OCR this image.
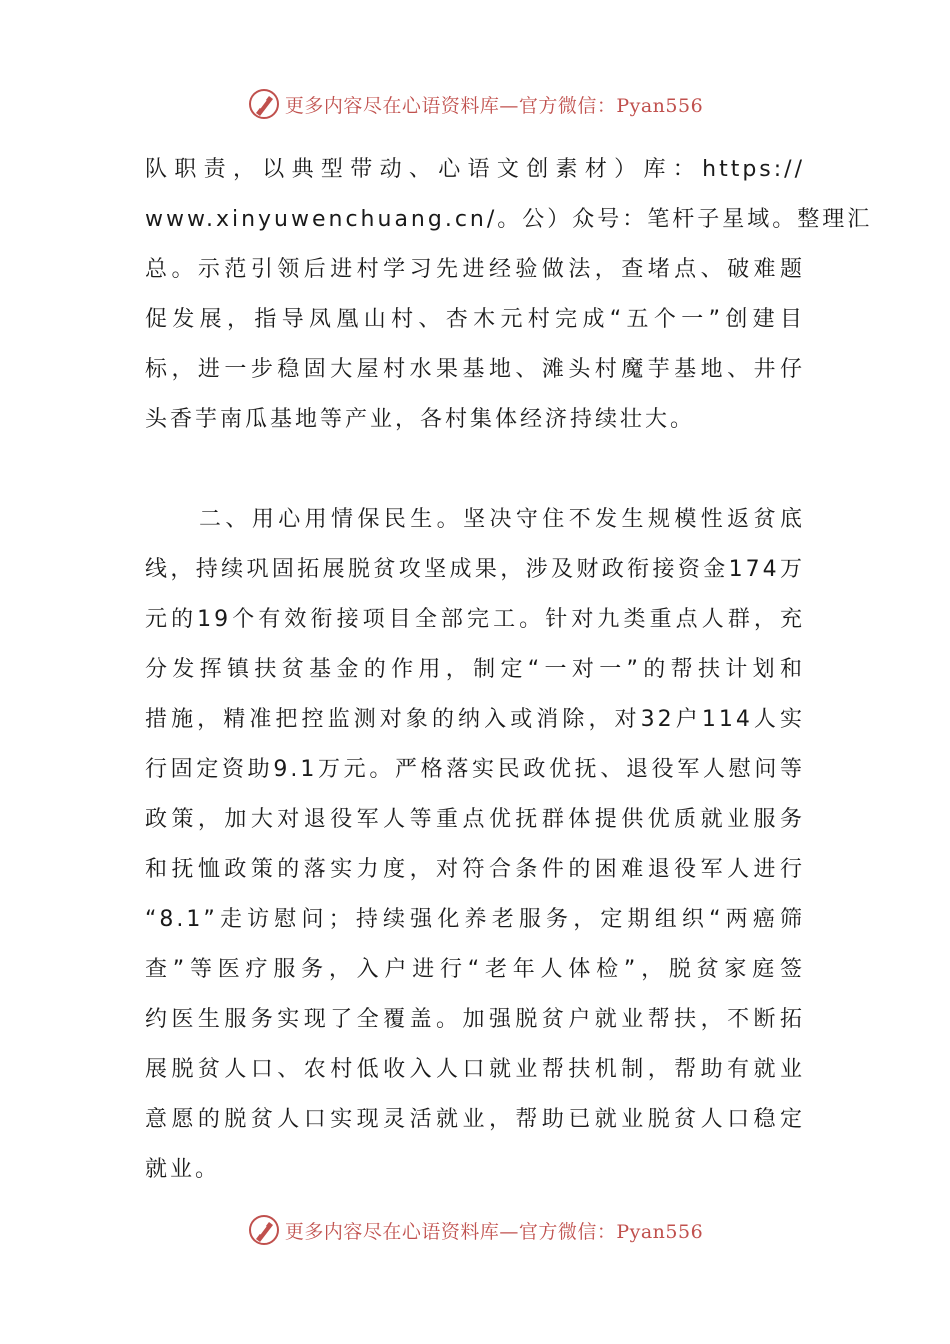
更多内容尽在心语资料库—官方微信：Pyan556
队职责，以典型带动、心语文创素材）库：https://
www.xinyuwenchuang.cn/。公）众号：笔杆子星域。整理汇
总。示范引领后进村学习先进经验做法，查堵点、破难题
促发展，指导凤凰山村、杏木元村完成“五个一”创建目
标，进一步稳固大屋村水果基地、滩头村魔芋基地、井仔
头香芋南瓜基地等产业，各村集体经济持续壮大。
二、用心用情保民生。坚决守住不发生规模性返贫底
线，持续巩固拓展脱贫攻坚成果，涉及财政衔接资金174万
元的19个有效衔接项目全部完工。针对九类重点人群，充
分发挥镇扶贫基金的作用，制定“一对一”的帮扶计划和
措施，精准把控监测对象的纳入或消除，对32户114人实
行固定资助9.1万元。严格落实民政优抚、退役军人慰问等
政策，加大对退役军人等重点优抚群体提供优质就业服务
和抚恤政策的落实力度，对符合条件的困难退役军人进行
“8.1”走访慰问；持续强化养老服务，定期组织“两癌筛
查”等医疗服务，入户进行“老年人体检”，脱贫家庭签
约医生服务实现了全覆盖。加强脱贫户就业帮扶，不断拓
展脱贫人口、农村低收入人口就业帮扶机制，帮助有就业
意愿的脱贫人口实现灵活就业，帮助已就业脱贫人口稳定
就业。
更多内容尽在心语资料库—官方微信：Pyan556
